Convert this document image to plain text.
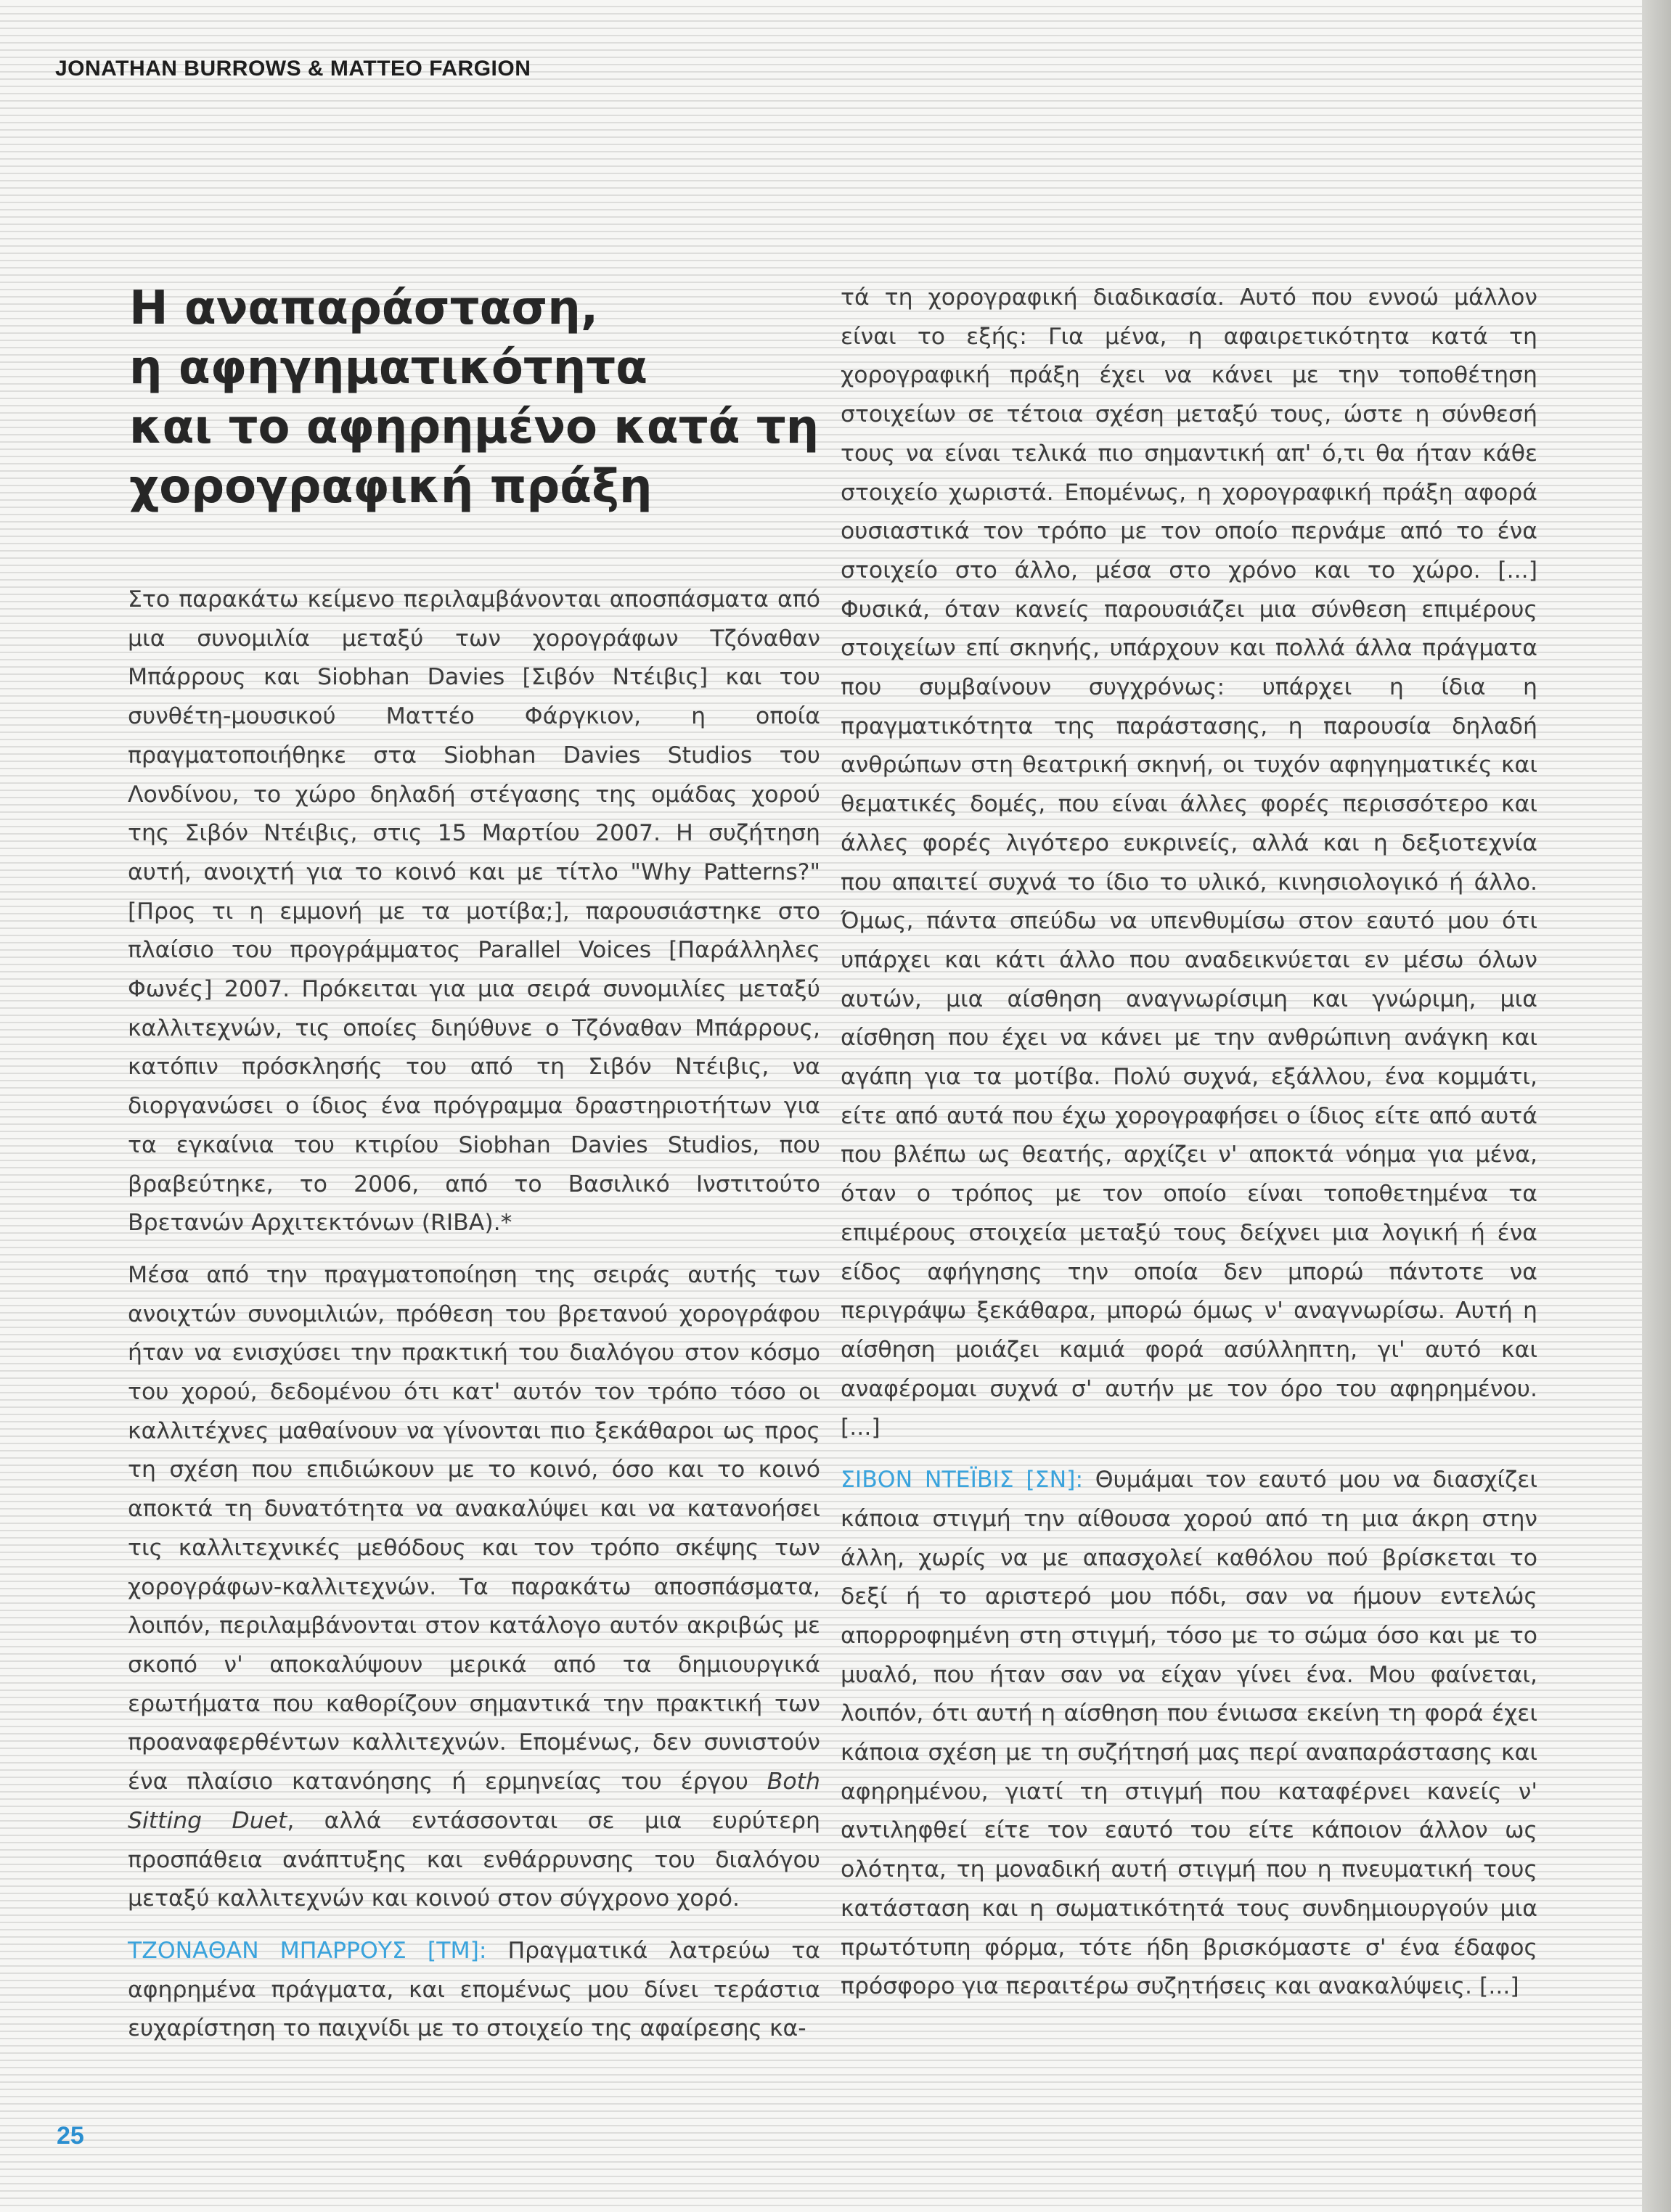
JONATHAN BURROWS & MATTEO FARGION
Η αναπαράσταση,
η αφηγηματικότητα
και το αφηρημένο κατά τη
χορογραφική πράξη

Στο παρακάτω κείμενο περιλαμβάνονται αποσπάσματα από μια συνομιλία μεταξύ των χορογράφων Τζόναθαν Μπάρρους και Siobhan Davies [Σιβόν Ντέιβις] και του συνθέτη-μουσικού Ματτέο Φάργκιον, η οποία πραγματοποιήθηκε στα Siobhan Davies Studios του Λονδίνου, το χώρο δηλαδή στέγασης της ομάδας χορού της Σιβόν Ντέιβις, στις 15 Μαρτίου 2007. Η συζήτηση αυτή, ανοιχτή για το κοινό και με τίτλο "Why Patterns?" [Προς τι η εμμονή με τα μοτίβα;], παρουσιάστηκε στο πλαίσιο του προγράμματος Parallel Voices [Παράλληλες Φωνές] 2007. Πρόκειται για μια σειρά συνομιλίες μεταξύ καλλιτεχνών, τις οποίες διηύθυνε ο Τζόναθαν Μπάρρους, κατόπιν πρόσκλησής του από τη Σιβόν Ντέιβις, να διοργανώσει ο ίδιος ένα πρόγραμμα δραστηριοτήτων για τα εγκαίνια του κτιρίου Siobhan Davies Studios, που βραβεύτηκε, το 2006, από το Βασιλικό Ινστιτούτο Βρετανών Αρχιτεκτόνων (RIBA).*

Μέσα από την πραγματοποίηση της σειράς αυτής των ανοιχτών συνομιλιών, πρόθεση του βρετανού χορογράφου ήταν να ενισχύσει την πρακτική του διαλόγου στον κόσμο του χορού, δεδομένου ότι κατ' αυτόν τον τρόπο τόσο οι καλλιτέχνες μαθαίνουν να γίνονται πιο ξεκάθαροι ως προς τη σχέση που επιδιώκουν με το κοινό, όσο και το κοινό αποκτά τη δυνατότητα να ανακαλύψει και να κατανοήσει τις καλλιτεχνικές μεθόδους και τον τρόπο σκέψης των χορογράφων-καλλιτεχνών. Τα παρακάτω αποσπάσματα, λοιπόν, περιλαμβάνονται στον κατάλογο αυτόν ακριβώς με σκοπό ν' αποκαλύψουν μερικά από τα δημιουργικά ερωτήματα που καθορίζουν σημαντικά την πρακτική των προαναφερθέντων καλλιτεχνών. Επομένως, δεν συνιστούν ένα πλαίσιο κατανόησης ή ερμηνείας του έργου Both Sitting Duet, αλλά εντάσσονται σε μια ευρύτερη προσπάθεια ανάπτυξης και ενθάρρυνσης του διαλόγου μεταξύ καλλιτεχνών και κοινού στον σύγχρονο χορό.

ΤΖΟΝΑΘΑΝ ΜΠΑΡΡΟΥΣ [ΤΜ]: Πραγματικά λατρεύω τα αφηρημένα πράγματα, και επομένως μου δίνει τεράστια ευχαρίστηση το παιχνίδι με το στοιχείο της αφαίρεσης κα-

τά τη χορογραφική διαδικασία. Αυτό που εννοώ μάλλον είναι το εξής: Για μένα, η αφαιρετικότητα κατά τη χορογραφική πράξη έχει να κάνει με την τοποθέτηση στοιχείων σε τέτοια σχέση μεταξύ τους, ώστε η σύνθεσή τους να είναι τελικά πιο σημαντική απ' ό,τι θα ήταν κάθε στοιχείο χωριστά. Επομένως, η χορογραφική πράξη αφορά ουσιαστικά τον τρόπο με τον οποίο περνάμε από το ένα στοιχείο στο άλλο, μέσα στο χρόνο και το χώρο. [...] Φυσικά, όταν κανείς παρουσιάζει μια σύνθεση επιμέρους στοιχείων επί σκηνής, υπάρχουν και πολλά άλλα πράγματα που συμβαίνουν συγχρόνως: υπάρχει η ίδια η πραγματικότητα της παράστασης, η παρουσία δηλαδή ανθρώπων στη θεατρική σκηνή, οι τυχόν αφηγηματικές και θεματικές δομές, που είναι άλλες φορές περισσότερο και άλλες φορές λιγότερο ευκρινείς, αλλά και η δεξιοτεχνία που απαιτεί συχνά το ίδιο το υλικό, κινησιολογικό ή άλλο. Όμως, πάντα σπεύδω να υπενθυμίσω στον εαυτό μου ότι υπάρχει και κάτι άλλο που αναδεικνύεται εν μέσω όλων αυτών, μια αίσθηση αναγνωρίσιμη και γνώριμη, μια αίσθηση που έχει να κάνει με την ανθρώπινη ανάγκη και αγάπη για τα μοτίβα. Πολύ συχνά, εξάλλου, ένα κομμάτι, είτε από αυτά που έχω χορογραφήσει ο ίδιος είτε από αυτά που βλέπω ως θεατής, αρχίζει ν' αποκτά νόημα για μένα, όταν ο τρόπος με τον οποίο είναι τοποθετημένα τα επιμέρους στοιχεία μεταξύ τους δείχνει μια λογική ή ένα είδος αφήγησης την οποία δεν μπορώ πάντοτε να περιγράψω ξεκάθαρα, μπορώ όμως ν' αναγνωρίσω. Αυτή η αίσθηση μοιάζει καμιά φορά ασύλληπτη, γι' αυτό και αναφέρομαι συχνά σ' αυτήν με τον όρο του αφηρημένου. [...]

ΣΙΒΟΝ ΝΤΕΪΒΙΣ [ΣΝ]: Θυμάμαι τον εαυτό μου να διασχίζει κάποια στιγμή την αίθουσα χορού από τη μια άκρη στην άλλη, χωρίς να με απασχολεί καθόλου πού βρίσκεται το δεξί ή το αριστερό μου πόδι, σαν να ήμουν εντελώς απορροφημένη στη στιγμή, τόσο με το σώμα όσο και με το μυαλό, που ήταν σαν να είχαν γίνει ένα. Μου φαίνεται, λοιπόν, ότι αυτή η αίσθηση που ένιωσα εκείνη τη φορά έχει κάποια σχέση με τη συζήτησή μας περί αναπαράστασης και αφηρημένου, γιατί τη στιγμή που καταφέρνει κανείς ν' αντιληφθεί είτε τον εαυτό του είτε κάποιον άλλον ως ολότητα, τη μοναδική αυτή στιγμή που η πνευματική τους κατάσταση και η σωματικότητά τους συνδημιουργούν μια πρωτότυπη φόρμα, τότε ήδη βρισκόμαστε σ' ένα έδαφος πρόσφορο για περαιτέρω συζητήσεις και ανακαλύψεις. [...]

25
